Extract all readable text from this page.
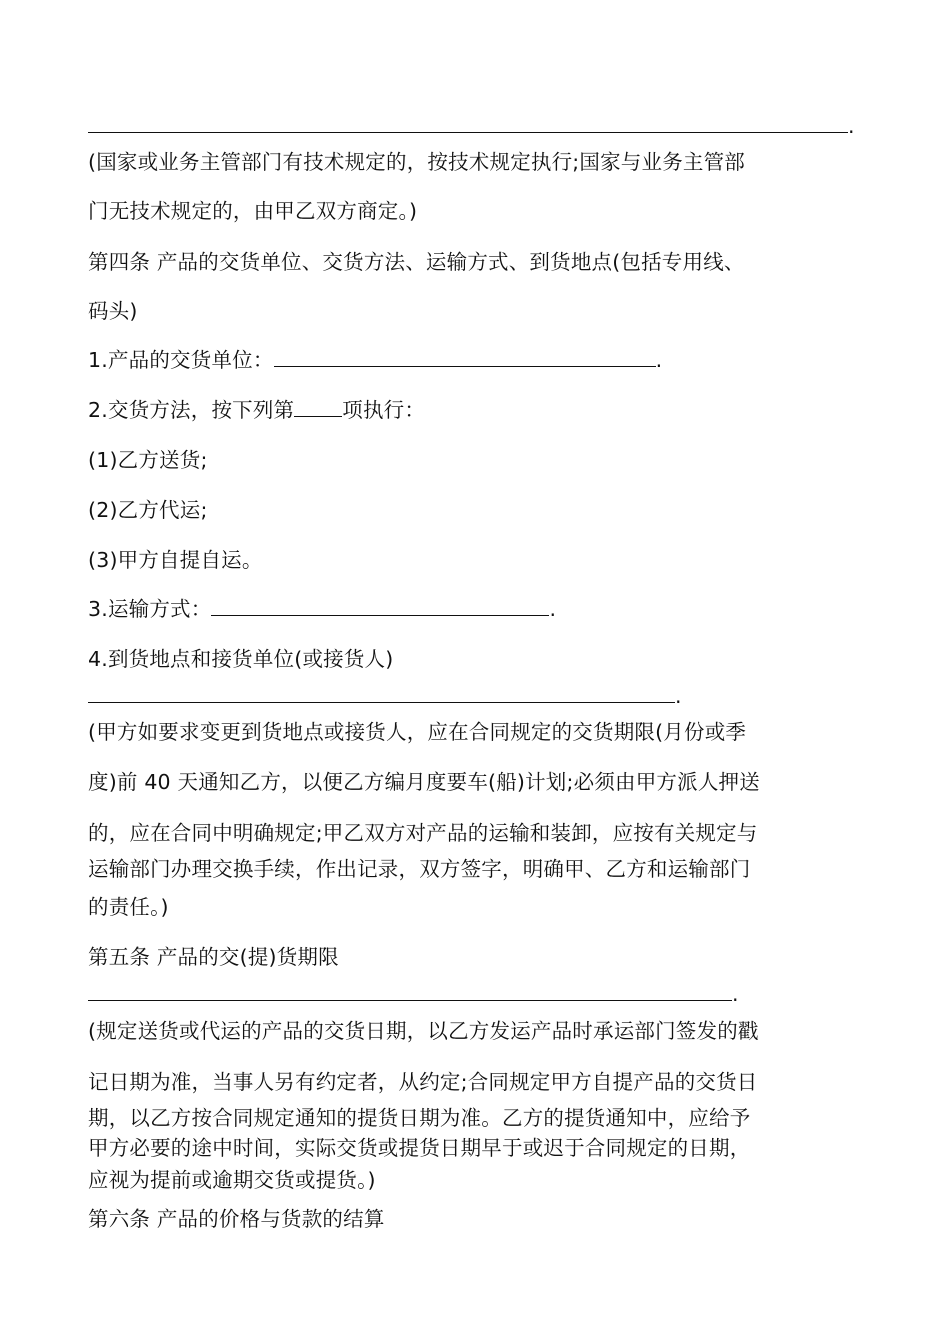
.
(国家或业务主管部门有技术规定的，按技术规定执行;国家与业务主管部
门无技术规定的，由甲乙双方商定。)
第四条 产品的交货单位、交货方法、运输方式、到货地点(包括专用线、
码头)
1.产品的交货单位：	.
2.交货方法，按下列第 项执行：
(1)乙方送货;
(2)乙方代运;
(3)甲方自提自运。
3.运输方式：	.
4.到货地点和接货单位(或接货人)
.
(甲方如要求变更到货地点或接货人，应在合同规定的交货期限(月份或季
度)前 40 天通知乙方，以便乙方编月度要车(船)计划;必须由甲方派人押送
的，应在合同中明确规定;甲乙双方对产品的运输和装卸，应按有关规定与
运输部门办理交换手续，作出记录，双方签字，明确甲、乙方和运输部门
的责任。)
第五条 产品的交(提)货期限
.
(规定送货或代运的产品的交货日期，以乙方发运产品时承运部门签发的戳
记日期为准，当事人另有约定者，从约定;合同规定甲方自提产品的交货日
期，以乙方按合同规定通知的提货日期为准。乙方的提货通知中，应给予
甲方必要的途中时间，实际交货或提货日期早于或迟于合同规定的日期，
应视为提前或逾期交货或提货。)
第六条 产品的价格与货款的结算
